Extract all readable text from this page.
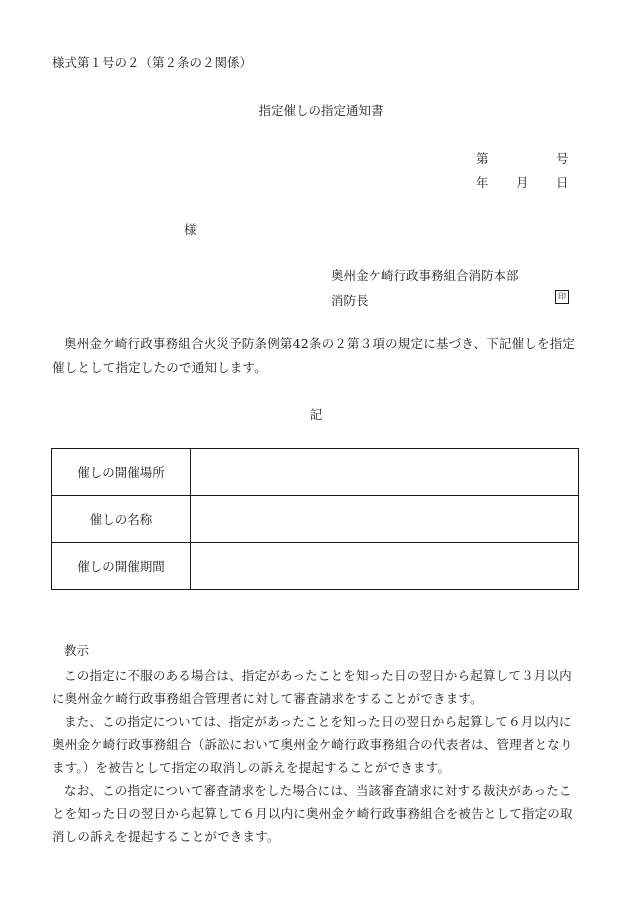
様式第１号の２（第２条の２関係）
指定催しの指定通知書
第	号
年 月 日
様
奥州金ケ崎行政事務組合消防本部
消防長	印
奥州金ケ崎行政事務組合火災予防条例第42条の２第３項の規定に基づき、下記催しを指定催しとして指定したので通知します。
記
催しの開催場所	
催しの名称	
催しの開催期間	
教示
この指定に不服のある場合は、指定があったことを知った日の翌日から起算して３月以内に奥州金ケ崎行政事務組合管理者に対して審査請求をすることができます。
また、この指定については、指定があったことを知った日の翌日から起算して６月以内に奥州金ケ崎行政事務組合（訴訟において奥州金ケ崎行政事務組合の代表者は、管理者となります。）を被告として指定の取消しの訴えを提起することができます。
なお、この指定について審査請求をした場合には、当該審査請求に対する裁決があったことを知った日の翌日から起算して６月以内に奥州金ケ崎行政事務組合を被告として指定の取消しの訴えを提起することができます。
